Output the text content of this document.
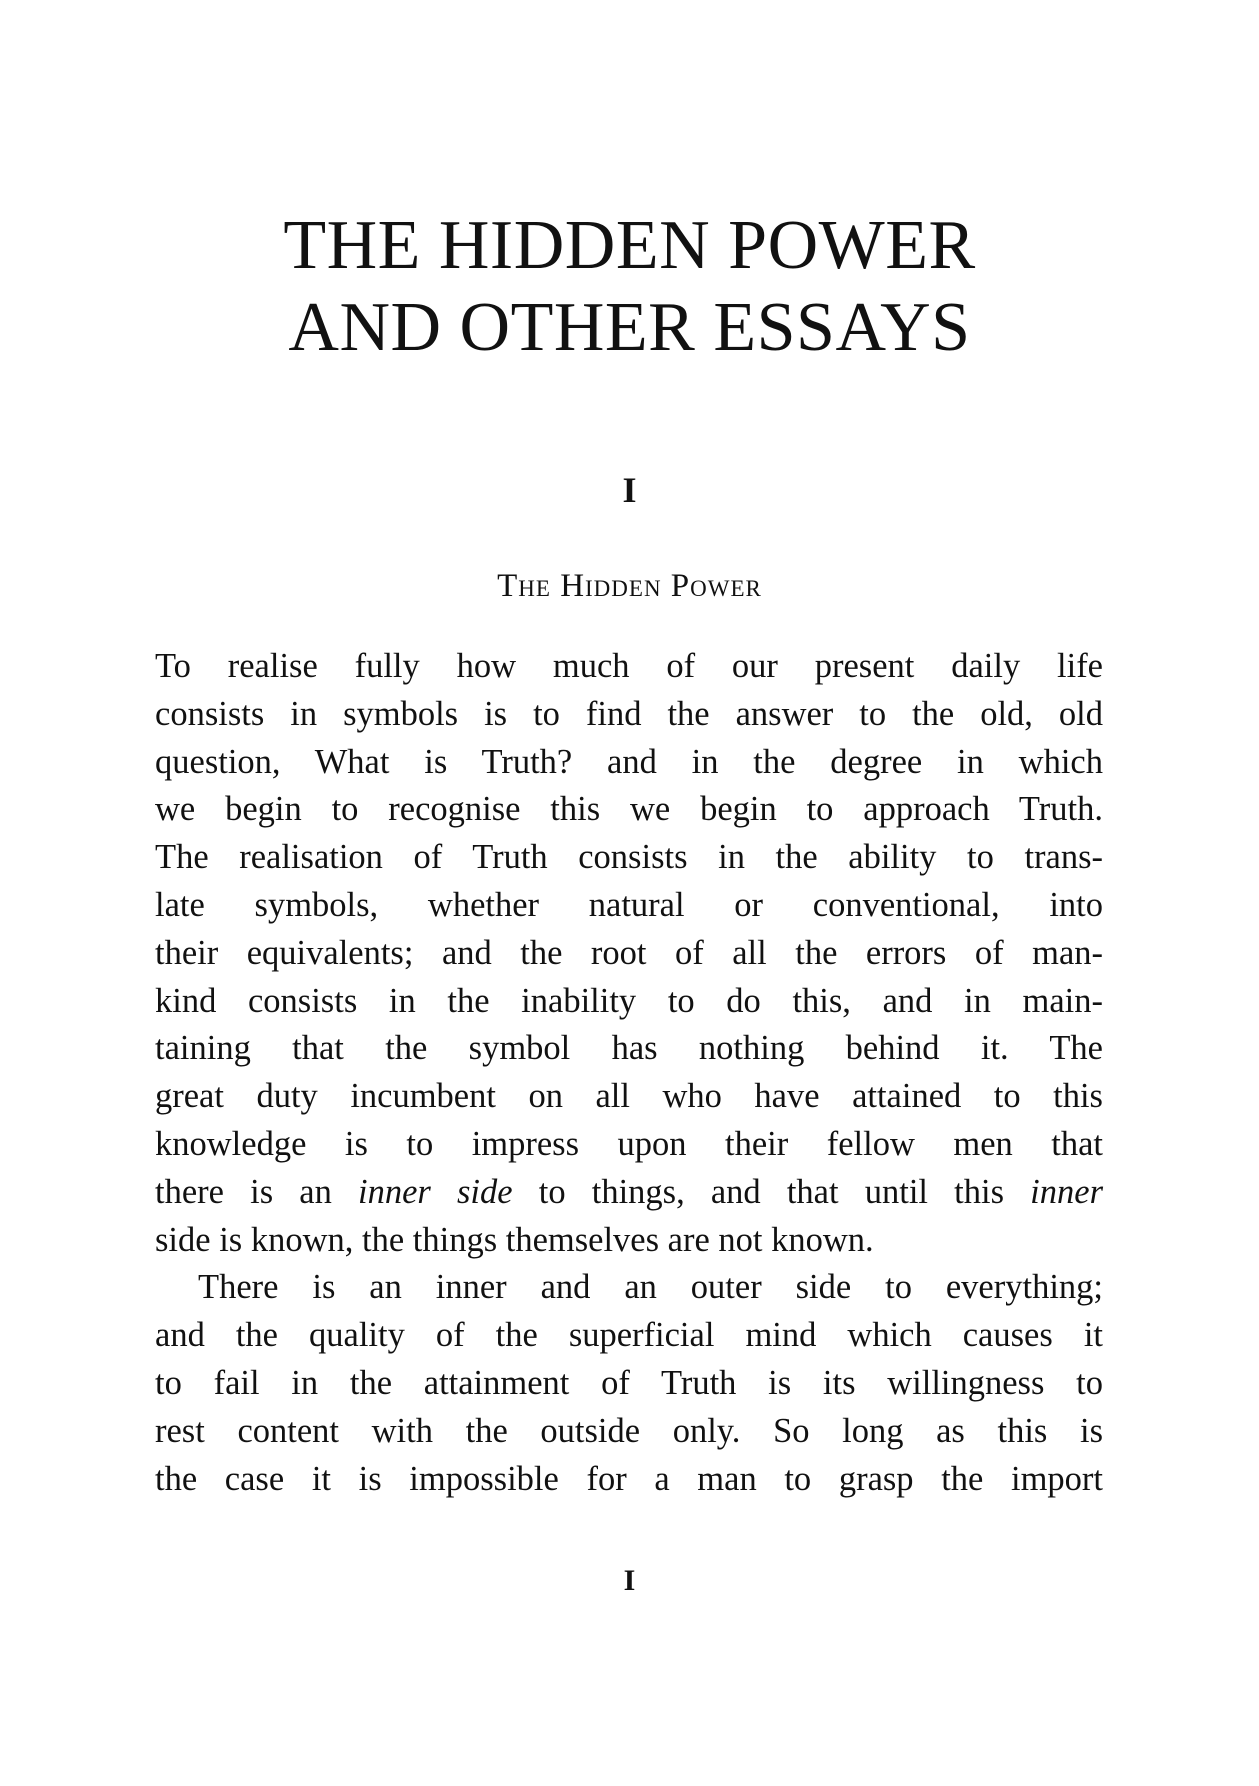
THE HIDDEN POWER
AND OTHER ESSAYS
I
The Hidden Power
To realise fully how much of our present daily life
consists in symbols is to find the answer to the old, old
question, What is Truth? and in the degree in which
we begin to recognise this we begin to approach Truth.
The realisation of Truth consists in the ability to trans-
late symbols, whether natural or conventional, into
their equivalents; and the root of all the errors of man-
kind consists in the inability to do this, and in main-
taining that the symbol has nothing behind it. The
great duty incumbent on all who have attained to this
knowledge is to impress upon their fellow men that
there is an inner side to things, and that until this inner
side is known, the things themselves are not known.
There is an inner and an outer side to everything;
and the quality of the superficial mind which causes it
to fail in the attainment of Truth is its willingness to
rest content with the outside only. So long as this is
the case it is impossible for a man to grasp the import
I
